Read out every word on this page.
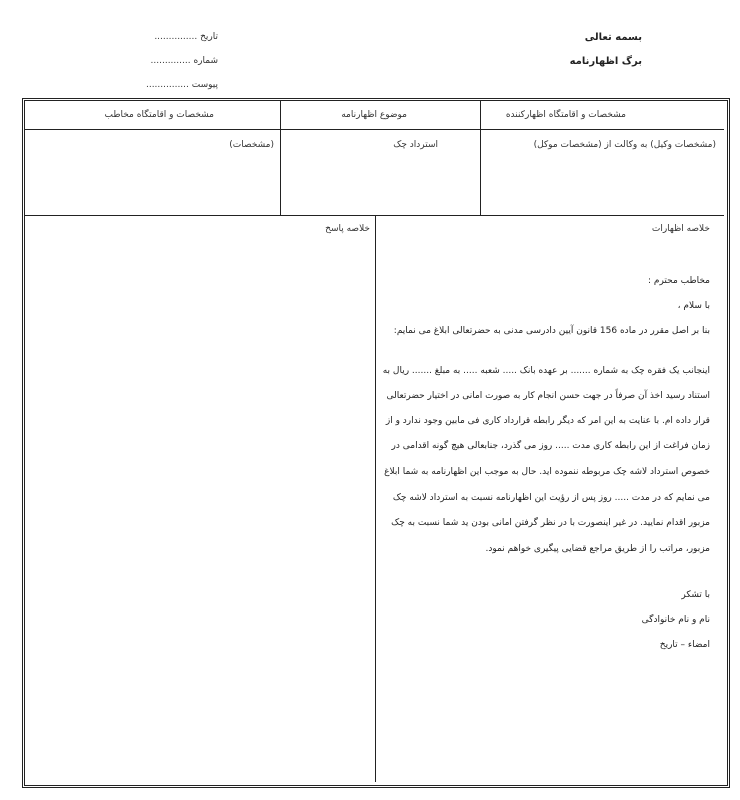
بسمه تعالی
برگ اظهارنامه
تاریخ ...............
شماره ..............
پیوست ...............
مشخصات و اقامتگاه اظهارکننده
موضوع اظهارنامه
مشخصات و اقامتگاه مخاطب
(مشخصات وکیل) به وکالت از (مشخصات موکل)
استرداد چک
(مشخصات)
خلاصه اظهارات
خلاصه پاسخ
مخاطب محترم :
با سلام ،
بنا بر اصل مقرر در ماده 156 قانون آیین دادرسی مدنی به حضرتعالی ابلاغ می نمایم:
اینجانب یک فقره چک به شماره ....... بر عهده بانک ..... شعبه ..... به مبلغ ....... ریال به
استناد رسید اخذ آن صرفاً در جهت حسن انجام کار به صورت امانی در اختیار حضرتعالی
قرار داده ام. با عنایت به این امر که دیگر رابطه قرارداد کاری فی مابین وجود ندارد و از
زمان فراغت از این رابطه کاری مدت ..... روز می گذرد، جنابعالی هیچ گونه اقدامی در
خصوص استرداد لاشه چک مربوطه ننموده اید. حال به موجب این اظهارنامه به شما ابلاغ
می نمایم که در مدت ..... روز پس از رؤیت این اظهارنامه نسبت به استرداد لاشه چک
مزبور اقدام نمایید. در غیر اینصورت با در نظر گرفتن امانی بودن ید شما نسبت به چک
مزبور، مراتب را از طریق مراجع قضایی پیگیری خواهم نمود.
با تشکر
نام و نام خانوادگی
امضاء – تاریخ
